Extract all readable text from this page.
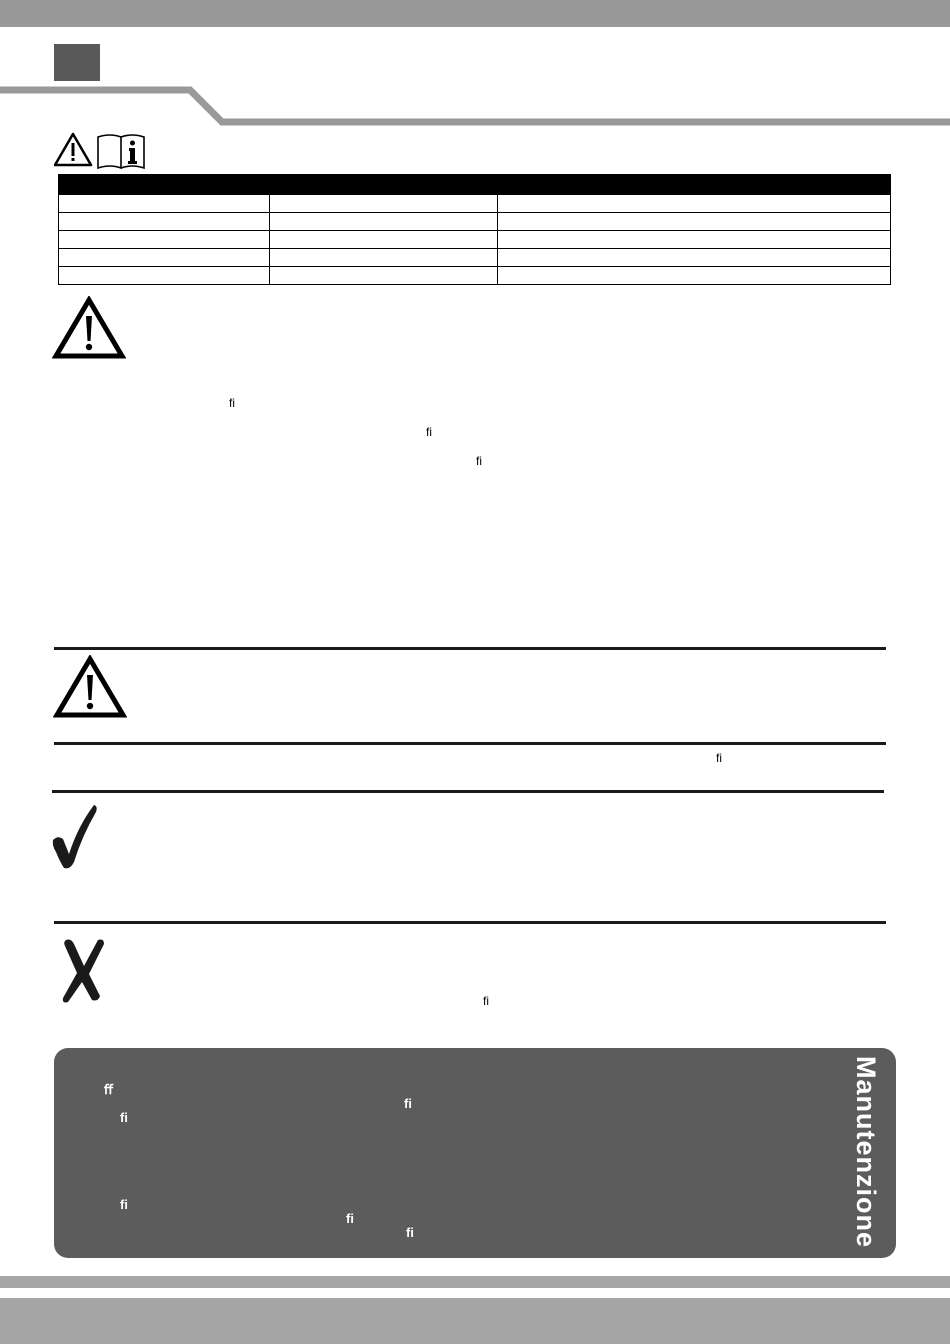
ﬁ
ﬁ
ﬁ
ﬁ
ﬁ
ﬀ
ﬁ
ﬁ
ﬁ
ﬁ
ﬁ	Manutenzione
